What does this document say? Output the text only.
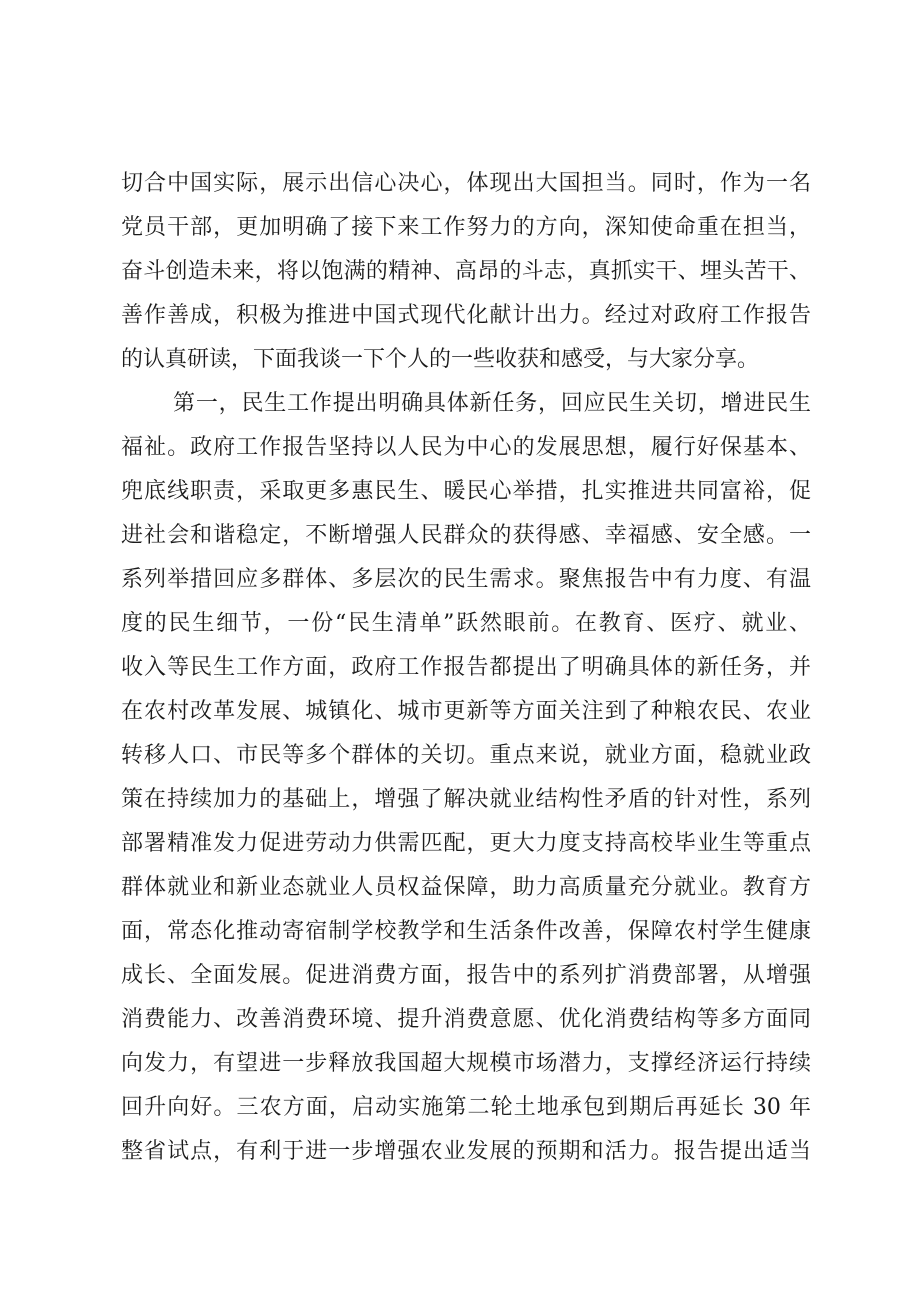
切合中国实际，展示出信心决心，体现出大国担当。同时，作为一名
党员干部，更加明确了接下来工作努力的方向，深知使命重在担当，
奋斗创造未来，将以饱满的精神、高昂的斗志，真抓实干、埋头苦干、
善作善成，积极为推进中国式现代化献计出力。经过对政府工作报告
的认真研读，下面我谈一下个人的一些收获和感受，与大家分享。
第一，民生工作提出明确具体新任务，回应民生关切，增进民生
福祉。政府工作报告坚持以人民为中心的发展思想，履行好保基本、
兜底线职责，采取更多惠民生、暖民心举措，扎实推进共同富裕，促
进社会和谐稳定，不断增强人民群众的获得感、幸福感、安全感。一
系列举措回应多群体、多层次的民生需求。聚焦报告中有力度、有温
度的民生细节，一份“民生清单”跃然眼前。在教育、医疗、就业、
收入等民生工作方面，政府工作报告都提出了明确具体的新任务，并
在农村改革发展、城镇化、城市更新等方面关注到了种粮农民、农业
转移人口、市民等多个群体的关切。重点来说，就业方面，稳就业政
策在持续加力的基础上，增强了解决就业结构性矛盾的针对性，系列
部署精准发力促进劳动力供需匹配，更大力度支持高校毕业生等重点
群体就业和新业态就业人员权益保障，助力高质量充分就业。教育方
面，常态化推动寄宿制学校教学和生活条件改善，保障农村学生健康
成长、全面发展。促进消费方面，报告中的系列扩消费部署，从增强
消费能力、改善消费环境、提升消费意愿、优化消费结构等多方面同
向发力，有望进一步释放我国超大规模市场潜力，支撑经济运行持续
回升向好。三农方面，启动实施第二轮土地承包到期后再延长 30 年
整省试点，有利于进一步增强农业发展的预期和活力。报告提出适当
